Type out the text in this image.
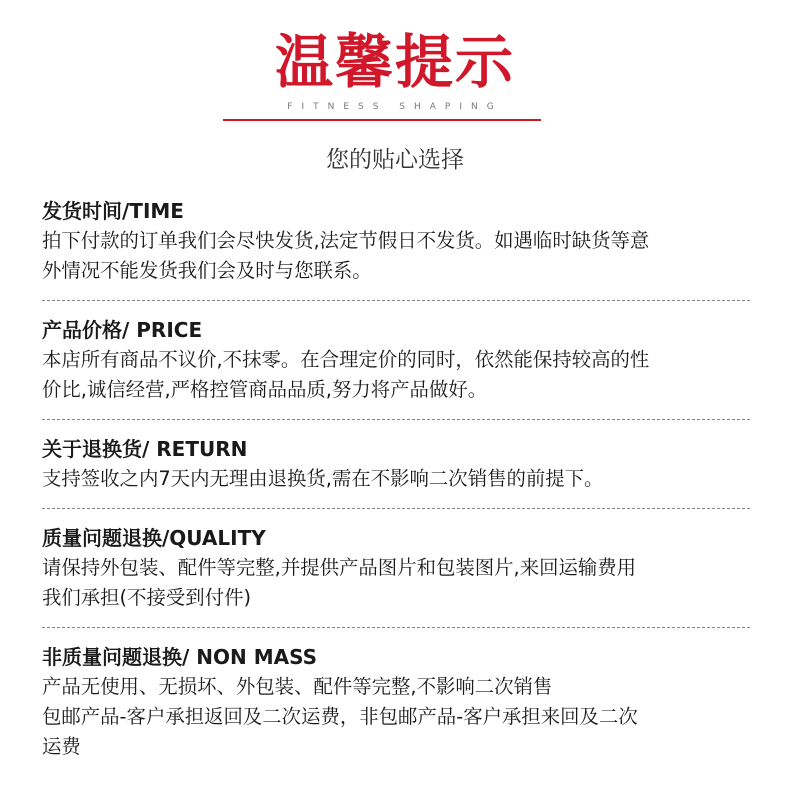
温馨提示
FITNESS SHAPING
您的贴心选择
发货时间/TIME
拍下付款的订单我们会尽快发货,法定节假日不发货。如遇临时缺货等意
外情况不能发货我们会及时与您联系。
产品价格/ PRICE
本店所有商品不议价,不抹零。在合理定价的同时，依然能保持较高的性
价比,诚信经营,严格控管商品品质,努力将产品做好。
关于退换货/ RETURN
支持签收之内7天内无理由退换货,需在不影响二次销售的前提下。
质量问题退换/QUALITY
请保持外包装、配件等完整,并提供产品图片和包装图片,来回运输费用
我们承担(不接受到付件)
非质量问题退换/ NON MASS
产品无使用、无损坏、外包装、配件等完整,不影响二次销售
包邮产品-客户承担返回及二次运费，非包邮产品-客户承担来回及二次
运费
